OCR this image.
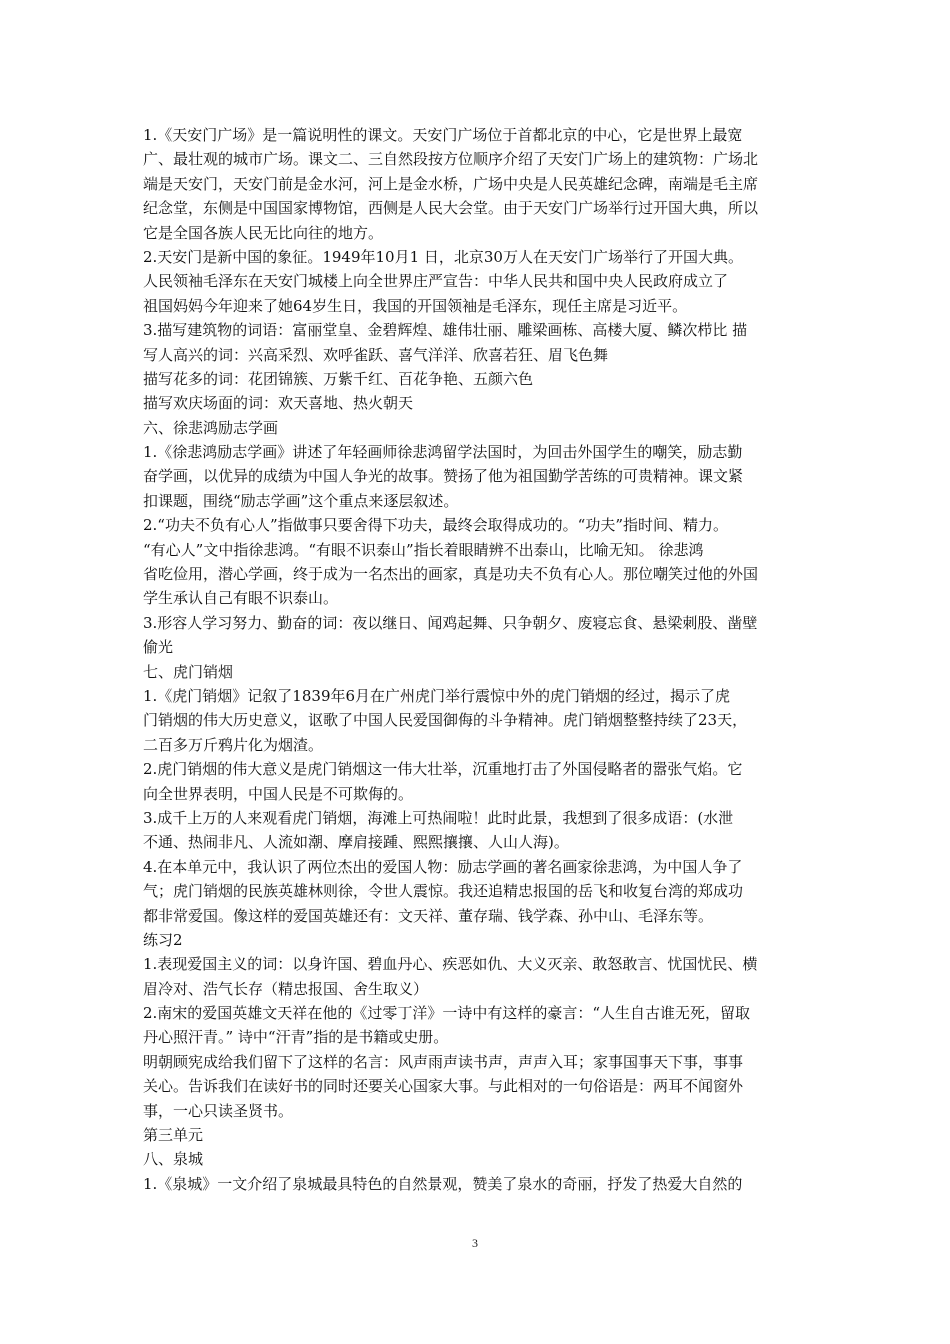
1.《天安门广场》是一篇说明性的课文。天安门广场位于首都北京的中心，它是世界上最宽
广、最壮观的城市广场。课文二、三自然段按方位顺序介绍了天安门广场上的建筑物：广场北
端是天安门，天安门前是金水河，河上是金水桥，广场中央是人民英雄纪念碑，南端是毛主席
纪念堂，东侧是中国国家博物馆，西侧是人民大会堂。由于天安门广场举行过开国大典，所以
它是全国各族人民无比向往的地方。
2.天安门是新中国的象征。1949年10月1 日，北京30万人在天安门广场举行了开国大典。
人民领袖毛泽东在天安门城楼上向全世界庄严宣告：中华人民共和国中央人民政府成立了
祖国妈妈今年迎来了她64岁生日，我国的开国领袖是毛泽东，现任主席是习近平。
3.描写建筑物的词语：富丽堂皇、金碧辉煌、雄伟壮丽、雕梁画栋、高楼大厦、鳞次栉比 描
写人高兴的词：兴高采烈、欢呼雀跃、喜气洋洋、欣喜若狂、眉飞色舞
描写花多的词：花团锦簇、万紫千红、百花争艳、五颜六色
描写欢庆场面的词：欢天喜地、热火朝天
六、徐悲鸿励志学画
1.《徐悲鸿励志学画》讲述了年轻画师徐悲鸿留学法国时，为回击外国学生的嘲笑，励志勤
奋学画，以优异的成绩为中国人争光的故事。赞扬了他为祖国勤学苦练的可贵精神。课文紧
扣课题，围绕“励志学画”这个重点来逐层叙述。
2.“功夫不负有心人”指做事只要舍得下功夫，最终会取得成功的。“功夫”指时间、精力。
“有心人”文中指徐悲鸿。“有眼不识泰山”指长着眼睛辨不出泰山，比喻无知。 徐悲鸿
省吃俭用，潜心学画，终于成为一名杰出的画家，真是功夫不负有心人。那位嘲笑过他的外国
学生承认自己有眼不识泰山。
3.形容人学习努力、勤奋的词：夜以继日、闻鸡起舞、只争朝夕、废寝忘食、悬梁刺股、凿壁
偷光
七、虎门销烟
1.《虎门销烟》记叙了1839年6月在广州虎门举行震惊中外的虎门销烟的经过，揭示了虎
门销烟的伟大历史意义，讴歌了中国人民爱国御侮的斗争精神。虎门销烟整整持续了23天，
二百多万斤鸦片化为烟渣。
2.虎门销烟的伟大意义是虎门销烟这一伟大壮举，沉重地打击了外国侵略者的嚣张气焰。它
向全世界表明，中国人民是不可欺侮的。
3.成千上万的人来观看虎门销烟，海滩上可热闹啦！此时此景，我想到了很多成语：(水泄
不通、热闹非凡、人流如潮、摩肩接踵、熙熙攘攘、人山人海)。
4.在本单元中，我认识了两位杰出的爱国人物：励志学画的著名画家徐悲鸿，为中国人争了
气；虎门销烟的民族英雄林则徐，令世人震惊。我还追精忠报国的岳飞和收复台湾的郑成功
都非常爱国。像这样的爱国英雄还有：文天祥、董存瑞、钱学森、孙中山、毛泽东等。
练习2
1.表现爱国主义的词：以身许国、碧血丹心、疾恶如仇、大义灭亲、敢怒敢言、忧国忧民、横
眉冷对、浩气长存（精忠报国、舍生取义）
2.南宋的爱国英雄文天祥在他的《过零丁洋》一诗中有这样的豪言：“人生自古谁无死，留取
丹心照汗青。” 诗中“汗青”指的是书籍或史册。
明朝顾宪成给我们留下了这样的名言：风声雨声读书声，声声入耳；家事国事天下事，事事
关心。告诉我们在读好书的同时还要关心国家大事。与此相对的一句俗语是：两耳不闻窗外
事，一心只读圣贤书。
第三单元
八、泉城
1.《泉城》一文介绍了泉城最具特色的自然景观，赞美了泉水的奇丽，抒发了热爱大自然的
3
